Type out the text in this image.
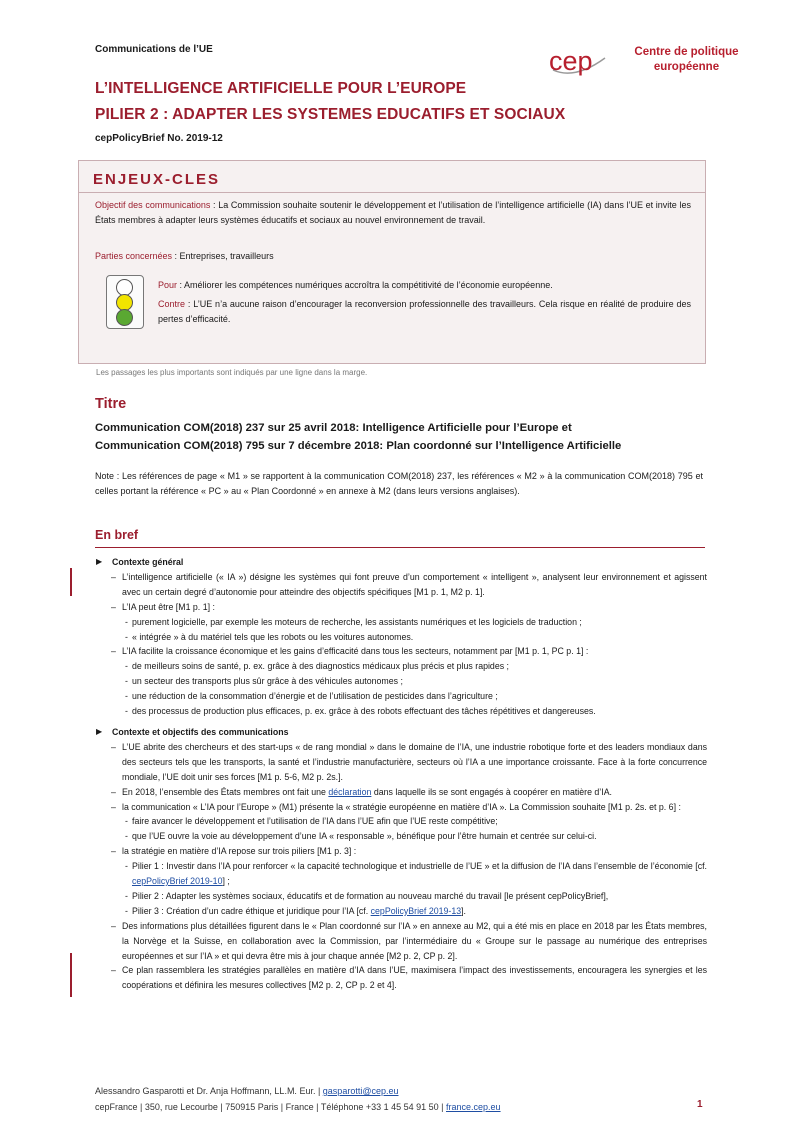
Communications de l’UE	cep	Centre de politique
européenne
L’INTELLIGENCE ARTIFICIELLE POUR L’EUROPE
PILIER 2 : ADAPTER LES SYSTEMES EDUCATIFS ET SOCIAUX
cepPolicyBrief No. 2019-12
ENJEUX-CLES
Objectif des communications : La Commission souhaite soutenir le développement et l’utilisation de l’intelligence artificielle (IA) dans l’UE et invite les États membres à adapter leurs systèmes éducatifs et sociaux au nouvel environnement de travail.
Parties concernées : Entreprises, travailleurs
Pour : Améliorer les compétences numériques accroîtra la compétitivité de l’économie européenne.
Contre : L’UE n’a aucune raison d’encourager la reconversion professionnelle des travailleurs. Cela risque en réalité de produire des pertes d’efficacité.
Les passages les plus importants sont indiqués par une ligne dans la marge.
Titre
Communication COM(2018) 237 sur 25 avril 2018: Intelligence Artificielle pour l’Europe et
Communication COM(2018) 795 sur 7 décembre 2018: Plan coordonné sur l’Intelligence Artificielle
Note : Les références de page « M1 » se rapportent à la communication COM(2018) 237, les références « M2 » à la communication COM(2018) 795 et celles portant la référence « PC » au « Plan Coordonné » en annexe à M2 (dans leurs versions anglaises).
En bref
▶ Contexte général
– L’intelligence artificielle (« IA ») désigne les systèmes qui font preuve d’un comportement « intelligent », analysent leur environnement et agissent avec un certain degré d’autonomie pour atteindre des objectifs spécifiques [M1 p. 1, M2 p. 1].
– L’IA peut être [M1 p. 1] :
- purement logicielle, par exemple les moteurs de recherche, les assistants numériques et les logiciels de traduction ;
- « intégrée » à du matériel tels que les robots ou les voitures autonomes.
– L’IA facilite la croissance économique et les gains d’efficacité dans tous les secteurs, notamment par [M1 p. 1, PC p. 1] :
- de meilleurs soins de santé, p. ex. grâce à des diagnostics médicaux plus précis et plus rapides ;
- un secteur des transports plus sûr grâce à des véhicules autonomes ;
- une réduction de la consommation d’énergie et de l’utilisation de pesticides dans l’agriculture ;
- des processus de production plus efficaces, p. ex. grâce à des robots effectuant des tâches répétitives et dangereuses.
▶ Contexte et objectifs des communications
– L’UE abrite des chercheurs et des start-ups « de rang mondial » dans le domaine de l’IA, une industrie robotique forte et des leaders mondiaux dans des secteurs tels que les transports, la santé et l’industrie manufacturière, secteurs où l’IA a une importance croissante. Face à la forte concurrence mondiale, l’UE doit unir ses forces [M1 p. 5-6, M2 p. 2s.].
– En 2018, l’ensemble des États membres ont fait une déclaration dans laquelle ils se sont engagés à coopérer en matière d’IA.
– la communication « L’IA pour l’Europe » (M1) présente la « stratégie européenne en matière d’IA ». La Commission souhaite [M1 p. 2s. et p. 6] :
- faire avancer le développement et l’utilisation de l’IA dans l’UE afin que l’UE reste compétitive;
- que l’UE ouvre la voie au développement d’une IA « responsable », bénéfique pour l’être humain et centrée sur celui-ci.
– la stratégie en matière d’IA repose sur trois piliers [M1 p. 3] :
- Pilier 1 : Investir dans l’IA pour renforcer « la capacité technologique et industrielle de l’UE » et la diffusion de l’IA dans l’ensemble de l’économie [cf. cepPolicyBrief 2019-10] ;
- Pilier 2 : Adapter les systèmes sociaux, éducatifs et de formation au nouveau marché du travail [le présent cepPolicyBrief],
- Pilier 3 : Création d’un cadre éthique et juridique pour l’IA [cf. cepPolicyBrief 2019-13].
– Des informations plus détaillées figurent dans le « Plan coordonné sur l’IA » en annexe au M2, qui a été mis en place en 2018 par les États membres, la Norvège et la Suisse, en collaboration avec la Commission, par l’intermédiaire du « Groupe sur le passage au numérique des entreprises européennes et sur l’IA » et qui devra être mis à jour chaque année [M2 p. 2, CP p. 2].
– Ce plan rassemblera les stratégies parallèles en matière d’IA dans l’UE, maximisera l’impact des investissements, encouragera les synergies et les coopérations et définira les mesures collectives [M2 p. 2, CP p. 2 et 4].
Alessandro Gasparotti et Dr. Anja Hoffmann, LL.M. Eur. | gasparotti@cep.eu
cepFrance | 350, rue Lecourbe | 750915 Paris | France | Téléphone +33 1 45 54 91 50 | france.cep.eu	1
